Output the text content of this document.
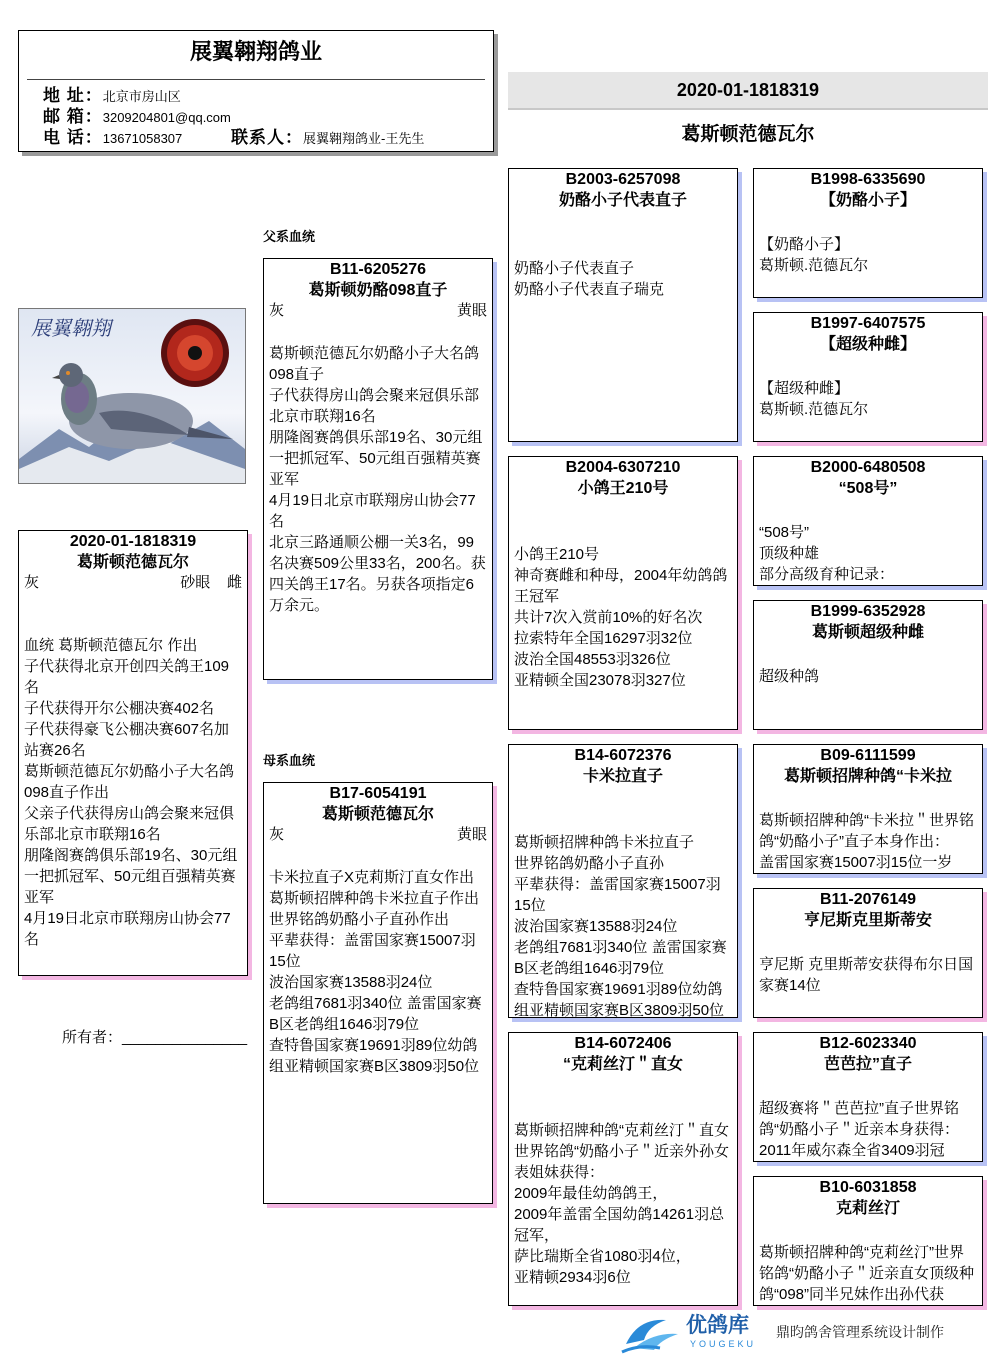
展翼翱翔鸽业
地 址：北京市房山区
邮 箱：3209204801@qq.com
电 话：13671058307	联系人：展翼翱翔鸽业-王先生
2020-01-1818319
葛斯顿范德瓦尔
展翼翱翔
2020-01-1818319
葛斯顿范德瓦尔
灰	砂眼 雌
血统 葛斯顿范德瓦尔 作出
子代获得北京开创四关鸽王109名
子代获得开尔公棚决赛402名
子代获得豪飞公棚决赛607名加站赛26名
葛斯顿范德瓦尔奶酪小子大名鸽098直子作出
父亲子代获得房山鸽会聚来冠俱乐部北京市联翔16名
朋隆阁赛鸽俱乐部19名、30元组一把抓冠军、50元组百强精英赛亚军
4月19日北京市联翔房山协会77名
所有者：_______________
父系血统
母系血统
B11-6205276
葛斯顿奶酪098直子
灰	黄眼
葛斯顿范德瓦尔奶酪小子大名鸽098直子
子代获得房山鸽会聚来冠俱乐部北京市联翔16名
朋隆阁赛鸽俱乐部19名、30元组一把抓冠军、50元组百强精英赛亚军
4月19日北京市联翔房山协会77名
北京三路通顺公棚一关3名，99名决赛509公里33名，200名。获四关鸽王17名。另获各项指定6万余元。
B17-6054191
葛斯顿范德瓦尔
灰	黄眼
卡米拉直子X克莉斯汀直女作出
葛斯顿招牌种鸽卡米拉直子作出
世界铭鸽奶酪小子直孙作出
平辈获得：盖雷国家赛15007羽15位
波治国家赛13588羽24位
老鸽组7681羽340位 盖雷国家赛B区老鸽组1646羽79位
查特鲁国家赛19691羽89位幼鸽组亚精顿国家赛B区3809羽50位
B2003-6257098
奶酪小子代表直子
奶酪小子代表直子
奶酪小子代表直子瑞克
B2004-6307210
小鸽王210号
小鸽王210号
神奇赛雌和种母，2004年幼鸽鸽王冠军
共计7次入赏前10%的好名次
拉索特年全国16297羽32位
波治全国48553羽326位
亚精顿全国23078羽327位
B14-6072376
卡米拉直子
葛斯顿招牌种鸽卡米拉直子
世界铭鸽奶酪小子直孙
平辈获得：盖雷国家赛15007羽15位
波治国家赛13588羽24位
老鸽组7681羽340位 盖雷国家赛B区老鸽组1646羽79位
查特鲁国家赛19691羽89位幼鸽组亚精顿国家赛B区3809羽50位
B14-6072406
“克莉丝汀＂直女
葛斯顿招牌种鸽“克莉丝汀＂直女世界铭鸽“奶酪小子＂近亲外孙女表姐妹获得：
2009年最佳幼鸽鸽王，
2009年盖雷全国幼鸽14261羽总冠军，
萨比瑞斯全省1080羽4位，
亚精顿2934羽6位
B1998-6335690
【奶酪小子】
【奶酪小子】
葛斯顿.范德瓦尔
B1997-6407575
【超级种雌】
【超级种雌】
葛斯顿.范德瓦尔
B2000-6480508
“508号”
“508号”
顶级种雄
部分高级育种记录：
B1999-6352928
葛斯顿超级种雌
超级种鸽
B09-6111599
葛斯顿招牌种鸽“卡米拉
葛斯顿招牌种鸽“卡米拉＂世界铭鸽“奶酪小子”直子本身作出：
盖雷国家赛15007羽15位一岁
B11-2076149
亨尼斯克里斯蒂安
亨尼斯 克里斯蒂安获得布尔日国家赛14位
B12-6023340
芭芭拉”直子
超级赛将＂芭芭拉”直子世界铭鸽“奶酪小子＂近亲本身获得：
2011年威尔森全省3409羽冠
B10-6031858
克莉丝汀
葛斯顿招牌种鸽“克莉丝汀”世界铭鸽“奶酪小子＂近亲直女顶级种鸽“098”同半兄妹作出孙代获
优鸽库
YOUGEKU
鼎昀鸽舍管理系统设计制作
